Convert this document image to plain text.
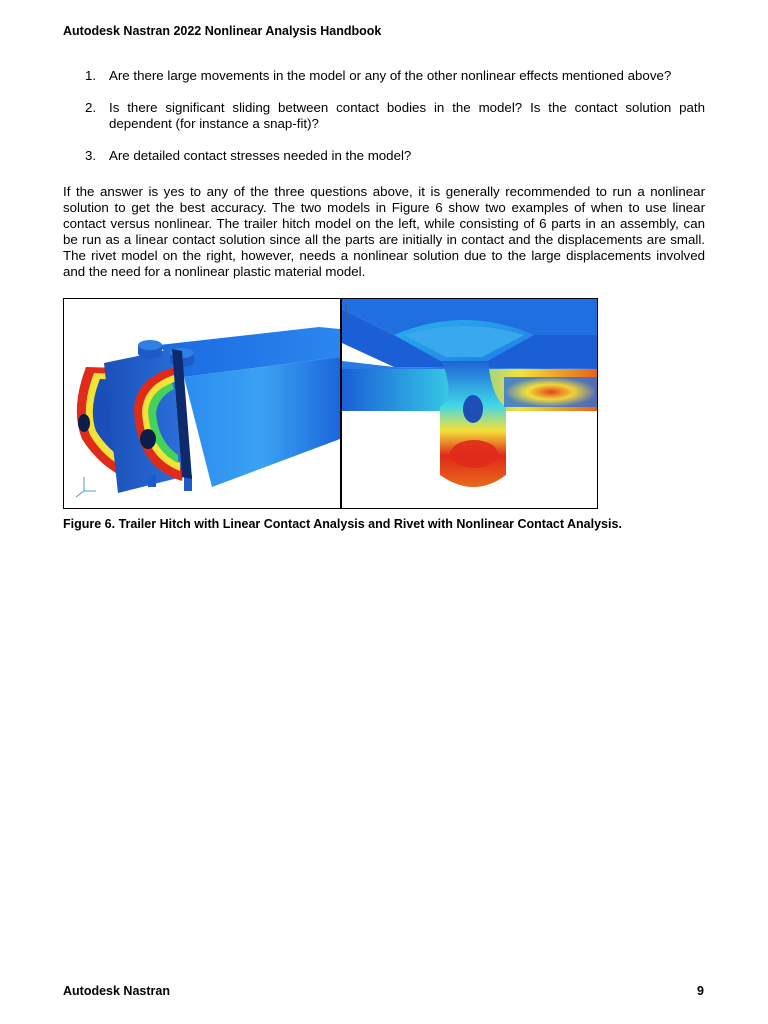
Autodesk Nastran 2022 Nonlinear Analysis Handbook
1. Are there large movements in the model or any of the other nonlinear effects mentioned above?
2. Is there significant sliding between contact bodies in the model? Is the contact solution path dependent (for instance a snap-fit)?
3. Are detailed contact stresses needed in the model?

If the answer is yes to any of the three questions above, it is generally recommended to run a nonlinear solution to get the best accuracy. The two models in Figure 6 show two examples of when to use linear contact versus nonlinear. The trailer hitch model on the left, while consisting of 6 parts in an assembly, can be run as a linear contact solution since all the parts are initially in contact and the displacements are small. The rivet model on the right, however, needs a nonlinear solution due to the large displacements involved and the need for a nonlinear plastic material model.

Figure 6. Trailer Hitch with Linear Contact Analysis and Rivet with Nonlinear Contact Analysis.
Autodesk Nastran	9
